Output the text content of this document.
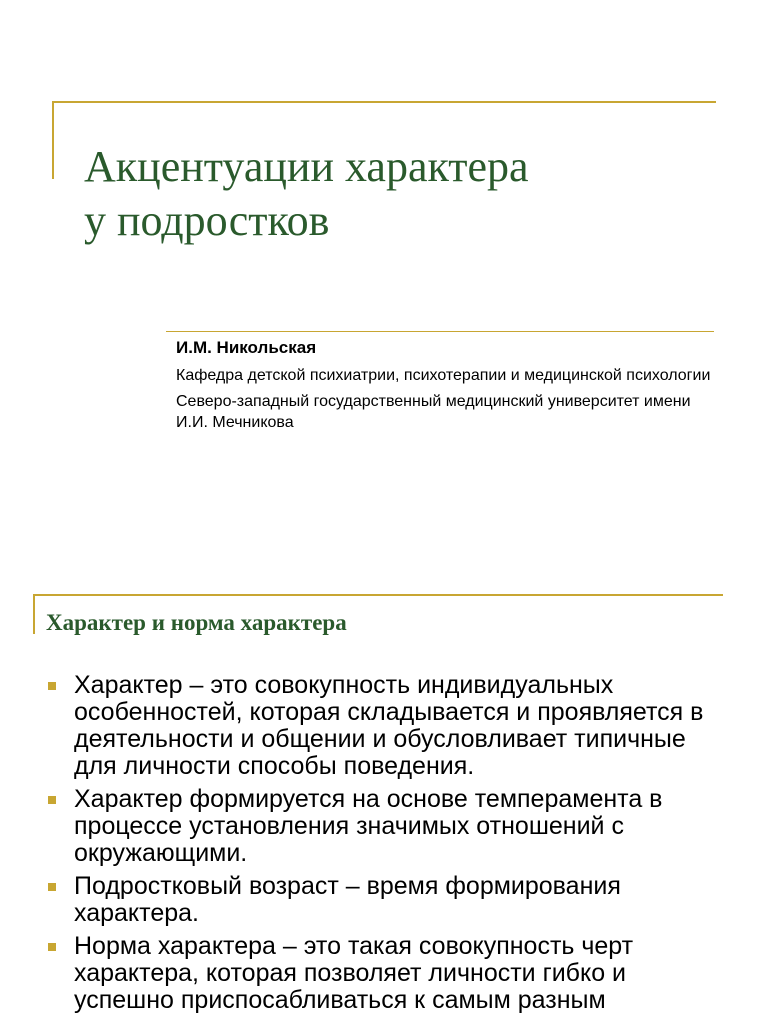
Акцентуации характера
у подростков

И.М. Никольская

Кафедра детской психиатрии, психотерапии и медицинской психологии

Северо-западный государственный медицинский университет имени И.И. Мечникова

Характер и норма характера
Характер – это совокупность индивидуальных особенностей, которая складывается и проявляется в деятельности и общении и обусловливает типичные для личности способы поведения.
Характер формируется на основе темперамента в процессе установления значимых отношений с окружающими.
Подростковый возраст – время формирования характера.
Норма характера – это такая совокупность черт характера, которая позволяет личности гибко и успешно приспосабливаться к самым разным
